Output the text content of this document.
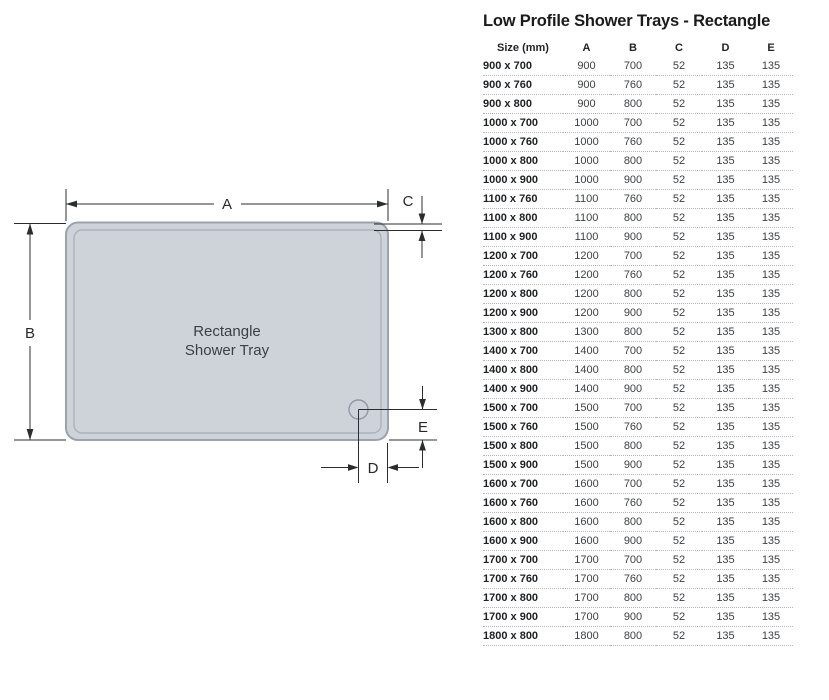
A
B
C
E
D
Rectangle
Shower Tray
Low Profile Shower Trays - Rectangle
Size (mm)	A	B	C	D	E
900 x 700	900	700	52	135	135
900 x 760	900	760	52	135	135
900 x 800	900	800	52	135	135
1000 x 700	1000	700	52	135	135
1000 x 760	1000	760	52	135	135
1000 x 800	1000	800	52	135	135
1000 x 900	1000	900	52	135	135
1100 x 760	1100	760	52	135	135
1100 x 800	1100	800	52	135	135
1100 x 900	1100	900	52	135	135
1200 x 700	1200	700	52	135	135
1200 x 760	1200	760	52	135	135
1200 x 800	1200	800	52	135	135
1200 x 900	1200	900	52	135	135
1300 x 800	1300	800	52	135	135
1400 x 700	1400	700	52	135	135
1400 x 800	1400	800	52	135	135
1400 x 900	1400	900	52	135	135
1500 x 700	1500	700	52	135	135
1500 x 760	1500	760	52	135	135
1500 x 800	1500	800	52	135	135
1500 x 900	1500	900	52	135	135
1600 x 700	1600	700	52	135	135
1600 x 760	1600	760	52	135	135
1600 x 800	1600	800	52	135	135
1600 x 900	1600	900	52	135	135
1700 x 700	1700	700	52	135	135
1700 x 760	1700	760	52	135	135
1700 x 800	1700	800	52	135	135
1700 x 900	1700	900	52	135	135
1800 x 800	1800	800	52	135	135
